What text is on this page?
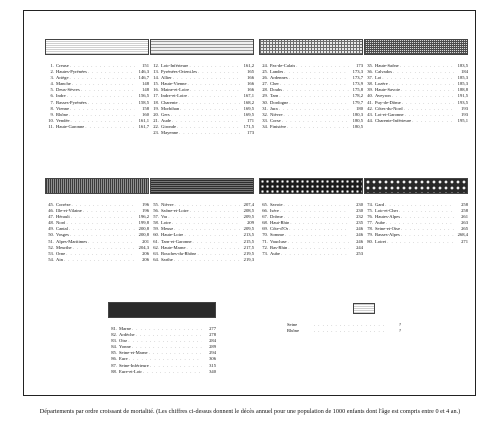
1. Creuse . . .	151
2. Hautes-Pyrénées . . .	146,3
3. Ariège . . .	146,7
4. Manche . . .	148
5. Deux-Sèvres . . .	148
6. Indre . . .	156,5
7. Basses-Pyrénées . . .	158,5
8. Vienne . . .	158
9. Rhône . . .	160
10. Vendée . . .	161,1
11. Haute-Garonne . . .	161,7
12. Loir-Inférieure . . .	161,2
13. Pyrénées-Orient.les . . .	165
14. Allier . . .	166
15. Haute-Vienne . . .	166
16. Maine-et-Loire . . .	166
17. Indre-et-Loire . . .	167,1
18. Charente . . .	168,2
19. Morbihan . . .	169,5
20. Gers . . .	169,5
21. Aude . . .	171
22. Gironde . . .	171,5
23. Mayenne . . .	173
24. Pas-de-Calais . . .	173
25. Landes . . .	173,3
26. Ardennes . . .	173,7
27. Cher . . .	173,9
28. Doubs . . .	175,8
29. Tarn . . .	178,2
30. Dordogne . . .	179,7
31. Jura . . .	180
32. Nièvre . . .	180,3
33. Corse . . .	180,5
34. Finistère . . .	180,5
35. Haute-Saône . . .	183,5
36. Calvados . . .	184
37. Lot . . .	185,3
38. Lozère . . .	185,3
39. Haute-Savoie . . .	188,8
40. Aveyron . . .	191,5
41. Puy-de-Dôme . . .	193,5
42. Côtes-du-Nord . . .	193
43. Lot-et-Garonne . . .	193
44. Charente-Inférieure . . .	195,1
45. Corrèze . . .	196
46. Ille-et-Vilaine . . .	196
47. Hérault . . .	196,2
48. Nord . . .	199,8
49. Cantal . . .	200,8
50. Vosges . . .	200,8
51. Alpes-Maritimes . . .	201
52. Meurthe . . .	204,3
53. Orne . . .	206
54. Ain . . .	206
55. Nièvre . . .	207,4
56. Saône-et-Loire . . .	208,5
57. Var . . .	209,5
58. Loire . . .	209
59. Meuse . . .	209,5
60. Haute-Loire . . .	213,5
61. Tarn-et-Garonne . . .	215,5
62. Haute-Marne . . .	217,5
63. Bouches-du-Rhône . . .	219,5
64. Sarthe . . .	219,3
65. Savoie . . .	230
66. Isère . . .	230
67. Drôme . . .	232
68. Haut-Rhin . . .	235
69. Côte-d'Or . . .	246
70. Somme . . .	246
71. Vaucluse . . .	246
72. Bas-Rhin . . .	244
73. Aube . . .	253
74. Gard . . .	258
75. Loir-et-Cher . . .	258
76. Hautes-Alpes . . .	261
77. Aube . . .	263
78. Seine-et-Oise . . .	265
79. Basses-Alpes . . .	268,4
80. Loiret . . .	271
81. Marne . . .	277
82. Ardèche . . .	278
83. Oise . . .	284
84. Yonne . . .	289
85. Seine-et-Marne . . .	294
86. Eure . . .	306
87. Seine-Inférieure . . .	315
88. Eure-et-Loir . . .	340
Seine . . .	?
Rhône . . .	?

Départements par ordre croissant de mortalité. (Les chiffres ci-dessus donnent le décès annuel pour une population de 1000 enfants dont l'âge est compris entre 0 et 4 an.)
